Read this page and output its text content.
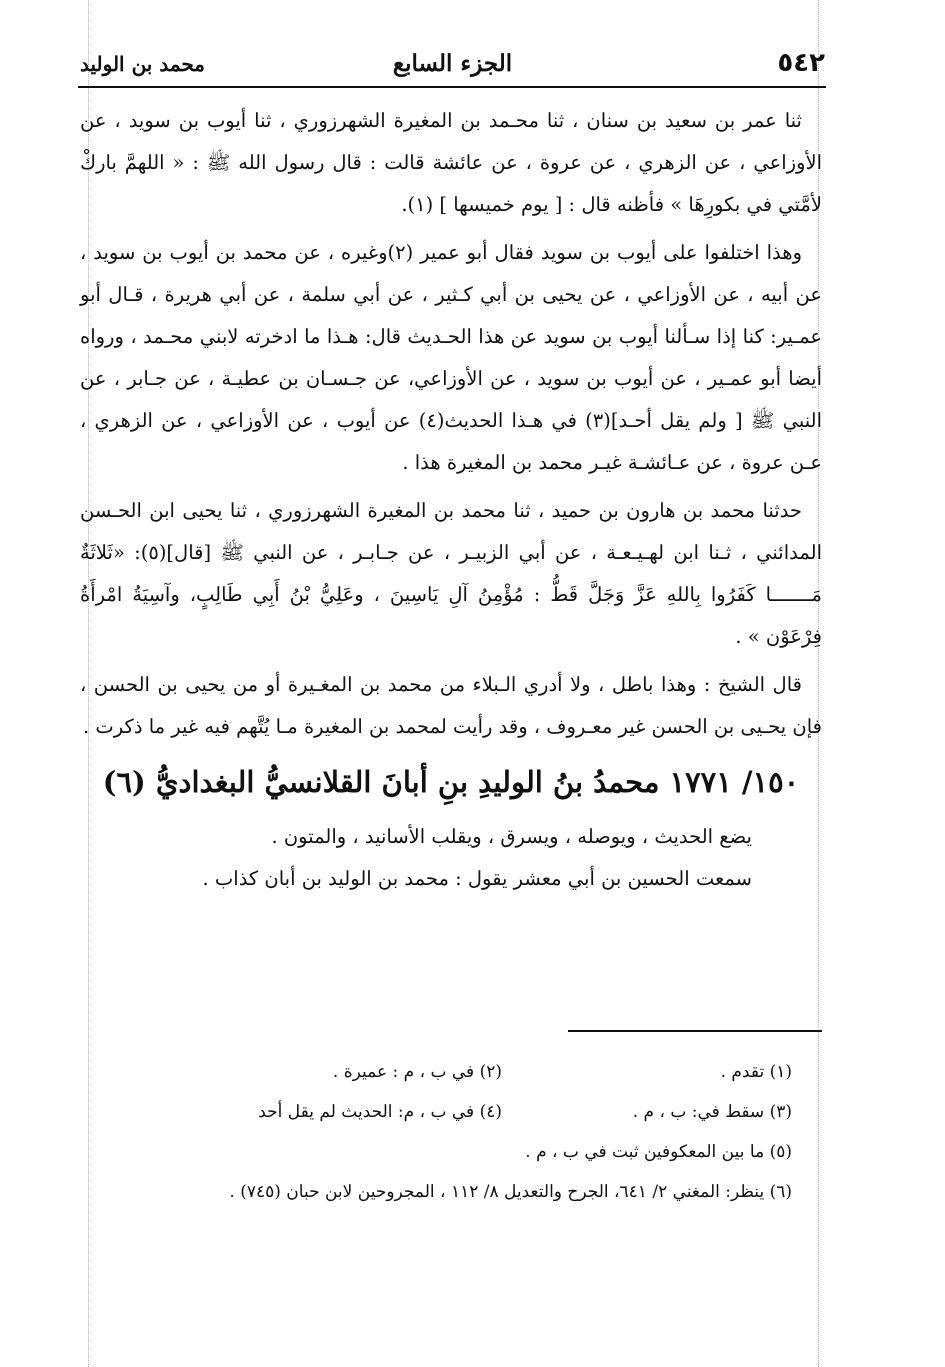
٥٤٢
الجزء السابع
محمد بن الوليد

ثنا عمر بن سعيد بن سنان ، ثنا محـمد بن المغيرة الشهرزوري ، ثنا أيوب بن سويد ، عن الأوزاعي ، عن الزهري ، عن عروة ، عن عائشة قالت : قال رسول الله ﷺ : « اللهمَّ باركْ لأمَّتي في بكورِهَا » فأظنه قال : [ يوم خميسها ] (١).

وهذا اختلفوا على أيوب بن سويد فقال أبو عمير (٢)وغيره ، عن محمد بن أيوب بن سويد ، عن أبيه ، عن الأوزاعي ، عن يحيى بن أبي كـثير ، عن أبي سلمة ، عن أبي هريرة ، قـال أبو عمـير: كنا إذا سـألنا أيوب بن سويد عن هذا الحـديث قال: هـذا ما ادخرته لابني محـمد ، ورواه أيضا أبو عمـير ، عن أيوب بن سويد ، عن الأوزاعي، عن جـسـان بن عطيـة ، عن جـابر ، عن النبي ﷺ [ ولم يقل أحـد](٣) في هـذا الحديث(٤) عن أيوب ، عن الأوزاعي ، عن الزهري ، عـن عروة ، عن عـائشـة غيـر محمد بن المغيرة هذا .

حدثنا محمد بن هارون بن حميد ، ثنا محمد بن المغيرة الشهرزوري ، ثنا يحيى ابن الحـسن المدائني ، ثـنا ابن لهـيـعـة ، عن أبي الزبيـر ، عن جـابـر ، عن النبي ﷺ [قال](٥): «ثَلاثَةٌ مَـــــــا كَفَرُوا بِاللهِ عَزَّ وَجَلَّ قَطُّ : مُؤْمِنُ آلِ يَاسِينَ ، وعَلِيُّ بْنُ أَبِي طَالِبٍ، وآسِيَةُ امْرأَةُ فِرْعَوْن » .

قال الشيخ : وهذا باطل ، ولا أدري الـبلاء من محمد بن المغـيرة أو من يحيى بن الحسن ، فإن يحـيى بن الحسن غير معـروف ، وقد رأيت لمحمد بن المغيرة مـا يُتَّهم فيه غير ما ذكرت .

١٥٠/ ١٧٧١ محمدُ بنُ الوليدِ بنِ أبانَ القلانسيُّ البغداديُّ (٦)

يضع الحديث ، ويوصله ، ويسرق ، ويقلب الأسانيد ، والمتون .

سمعت الحسين بن أبي معشر يقول : محمد بن الوليد بن أبان كذاب .

(١) تقدم .
(٢) في ب ، م : عميرة .
(٣) سقط في: ب ، م .
(٤) في ب ، م: الحديث لم يقل أحد
(٥) ما بين المعكوفين ثبت في ب ، م .
(٦) ينظر: المغني ٢/ ٦٤١، الجرح والتعديل ٨/ ١١٢ ، المجروحين لابن حبان (٧٤٥) .
